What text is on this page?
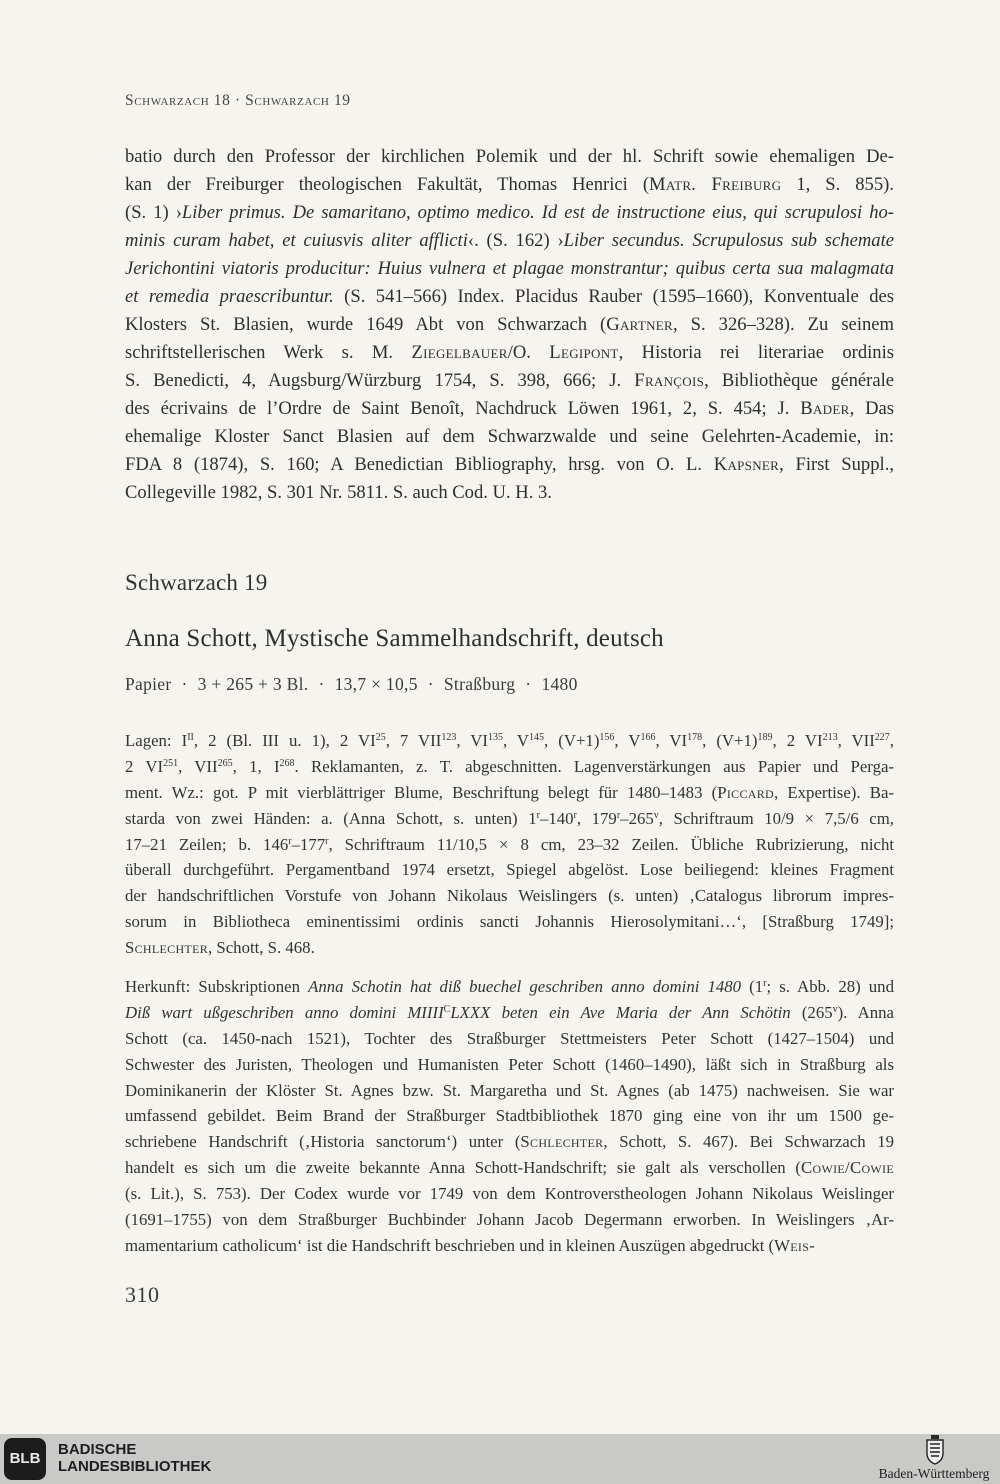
Schwarzach 18 · Schwarzach 19
batio durch den Professor der kirchlichen Polemik und der hl. Schrift sowie ehemaligen De-
kan der Freiburger theologischen Fakultät, Thomas Henrici (Matr. Freiburg 1, S. 855).
(S. 1) ›Liber primus. De samaritano, optimo medico. Id est de instructione eius, qui scrupulosi ho-
minis curam habet, et cuiusvis aliter afflicti‹. (S. 162) ›Liber secundus. Scrupulosus sub schemate
Jerichontini viatoris producitur: Huius vulnera et plagae monstrantur; quibus certa sua malagmata
et remedia praescribuntur. (S. 541–566) Index. Placidus Rauber (1595–1660), Konventuale des
Klosters St. Blasien, wurde 1649 Abt von Schwarzach (Gartner, S. 326–328). Zu seinem
schriftstellerischen Werk s. M. Ziegelbauer/O. Legipont, Historia rei literariae ordinis
S. Benedicti, 4, Augsburg/Würzburg 1754, S. 398, 666; J. François, Bibliothèque générale
des écrivains de l’Ordre de Saint Benoît, Nachdruck Löwen 1961, 2, S. 454; J. Bader, Das
ehemalige Kloster Sanct Blasien auf dem Schwarzwalde und seine Gelehrten-Academie, in:
FDA 8 (1874), S. 160; A Benedictian Bibliography, hrsg. von O. L. Kapsner, First Suppl.,
Collegeville 1982, S. 301 Nr. 5811. S. auch Cod. U. H. 3.
Schwarzach 19
Anna Schott, Mystische Sammelhandschrift, deutsch
Papier · 3 + 265 + 3 Bl. · 13,7 × 10,5 · Straßburg · 1480
Lagen: $I^{II}$, 2 (Bl. III u. 1), 2 VI$^{25}$, 7 VII$^{123}$, VI$^{135}$, $V^{145}$, $(V+1)^{156}$, $V^{166}$, VI$^{178}$, $(V+1)^{189}$, 2 VI$^{213}$, VII$^{227}$,
2 VI$^{251}$, VII$^{265}$, 1, $I^{268}$. Reklamanten, z. T. abgeschnitten. Lagenverstärkungen aus Papier und Perga-
ment. Wz.: got. P mit vierblättriger Blume, Beschriftung belegt für 1480–1483 (Piccard, Expertise). Ba-
starda von zwei Händen: a. (Anna Schott, s. unten) 1$^r$–140$^r$, 179$^r$–265$^v$, Schriftraum 10/9 × 7,5/6 cm,
17–21 Zeilen; b. 146$^r$–177$^r$, Schriftraum 11/10,5 × 8 cm, 23–32 Zeilen. Übliche Rubrizierung, nicht
überall durchgeführt. Pergamentband 1974 ersetzt, Spiegel abgelöst. Lose beiliegend: kleines Fragment
der handschriftlichen Vorstufe von Johann Nikolaus Weislingers (s. unten) ‚Catalogus librorum impres-
sorum in Bibliotheca eminentissimi ordinis sancti Johannis Hierosolymitani…‘, [Straßburg 1749];
Schlechter, Schott, S. 468.
Herkunft: Subskriptionen Anna Schotin hat diß buechel geschriben anno domini 1480 (1$^r$; s. Abb. 28) und
Diß wart ußgeschriben anno domini $MIIII^CLXXX$ beten ein Ave Maria der Ann Schötin (265$^v$). Anna
Schott (ca. 1450-nach 1521), Tochter des Straßburger Stettmeisters Peter Schott (1427–1504) und
Schwester des Juristen, Theologen und Humanisten Peter Schott (1460–1490), läßt sich in Straßburg als
Dominikanerin der Klöster St. Agnes bzw. St. Margaretha und St. Agnes (ab 1475) nachweisen. Sie war
umfassend gebildet. Beim Brand der Straßburger Stadtbibliothek 1870 ging eine von ihr um 1500 ge-
schriebene Handschrift (‚Historia sanctorum‘) unter (Schlechter, Schott, S. 467). Bei Schwarzach 19
handelt es sich um die zweite bekannte Anna Schott-Handschrift; sie galt als verschollen (Cowie/Cowie
(s. Lit.), S. 753). Der Codex wurde vor 1749 von dem Kontroverstheologen Johann Nikolaus Weislinger
(1691–1755) von dem Straßburger Buchbinder Johann Jacob Degermann erworben. In Weislingers ‚Ar-
mamentarium catholicum‘ ist die Handschrift beschrieben und in kleinen Auszügen abgedruckt (Weis-
310
BLB
BADISCHE
LANDESBIBLIOTHEK	Baden-Württemberg
